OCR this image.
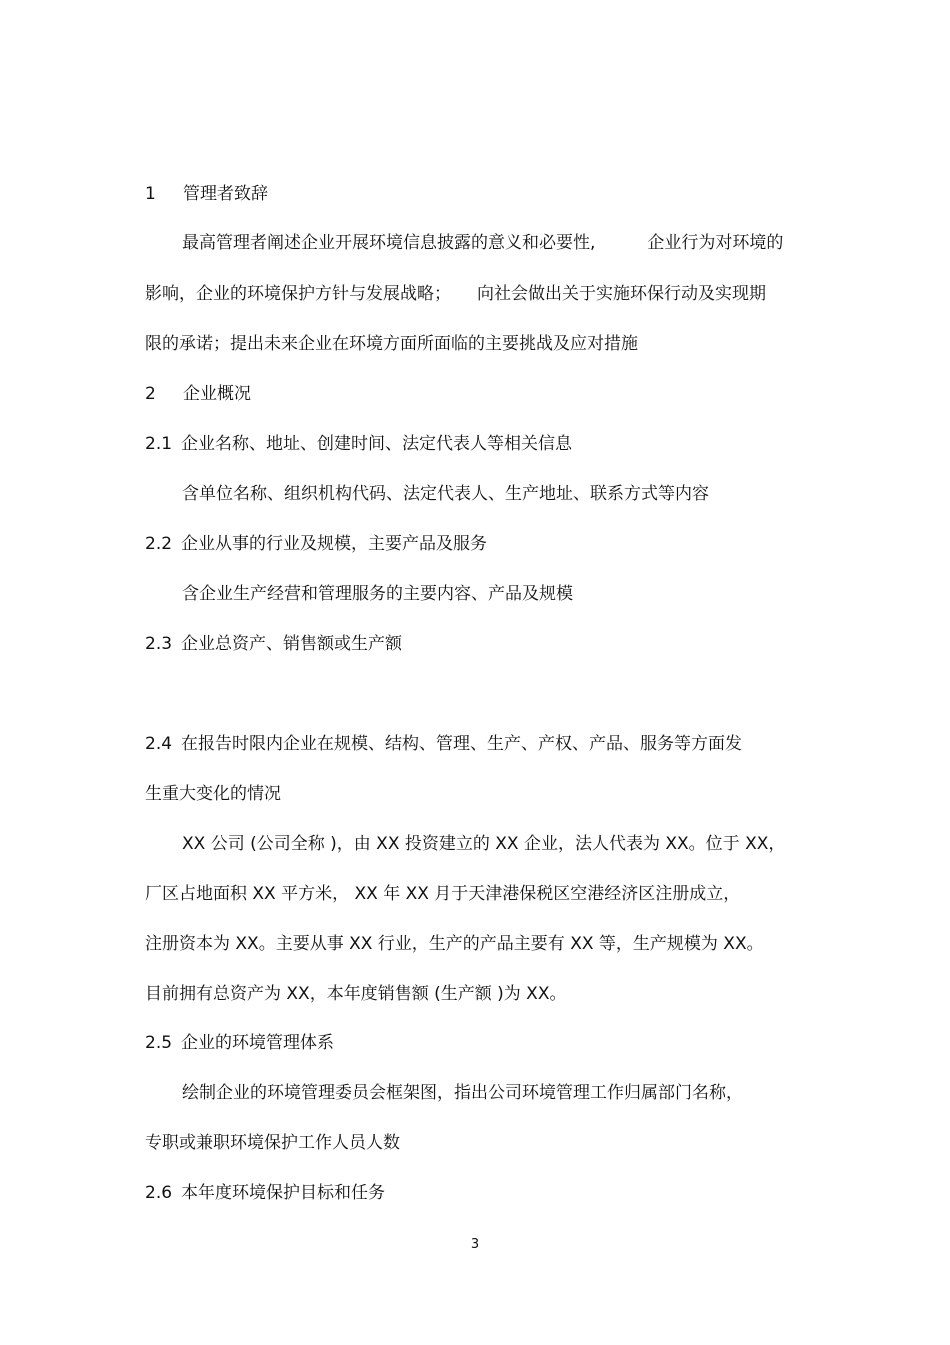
1 管理者致辞
最高管理者阐述企业开展环境信息披露的意义和必要性,	企业行为对环境的
影响，企业的环境保护方针与发展战略； 向社会做出关于实施环保行动及实现期
限的承诺；提出未来企业在环境方面所面临的主要挑战及应对措施
2 企业概况
2.1 企业名称、地址、创建时间、法定代表人等相关信息
含单位名称、组织机构代码、法定代表人、生产地址、联系方式等内容
2.2 企业从事的行业及规模，主要产品及服务
含企业生产经营和管理服务的主要内容、产品及规模
2.3 企业总资产、销售额或生产额
2.4 在报告时限内企业在规模、结构、管理、生产、产权、产品、服务等方面发
生重大变化的情况
XX 公司 (公司全称 )，由 XX 投资建立的 XX 企业，法人代表为 XX。位于 XX，
厂区占地面积 XX 平方米， XX 年 XX 月于天津港保税区空港经济区注册成立，
注册资本为 XX。主要从事 XX 行业，生产的产品主要有 XX 等，生产规模为 XX。
目前拥有总资产为 XX，本年度销售额 (生产额 )为 XX。
2.5 企业的环境管理体系
绘制企业的环境管理委员会框架图，指出公司环境管理工作归属部门名称，
专职或兼职环境保护工作人员人数
2.6 本年度环境保护目标和任务
3
